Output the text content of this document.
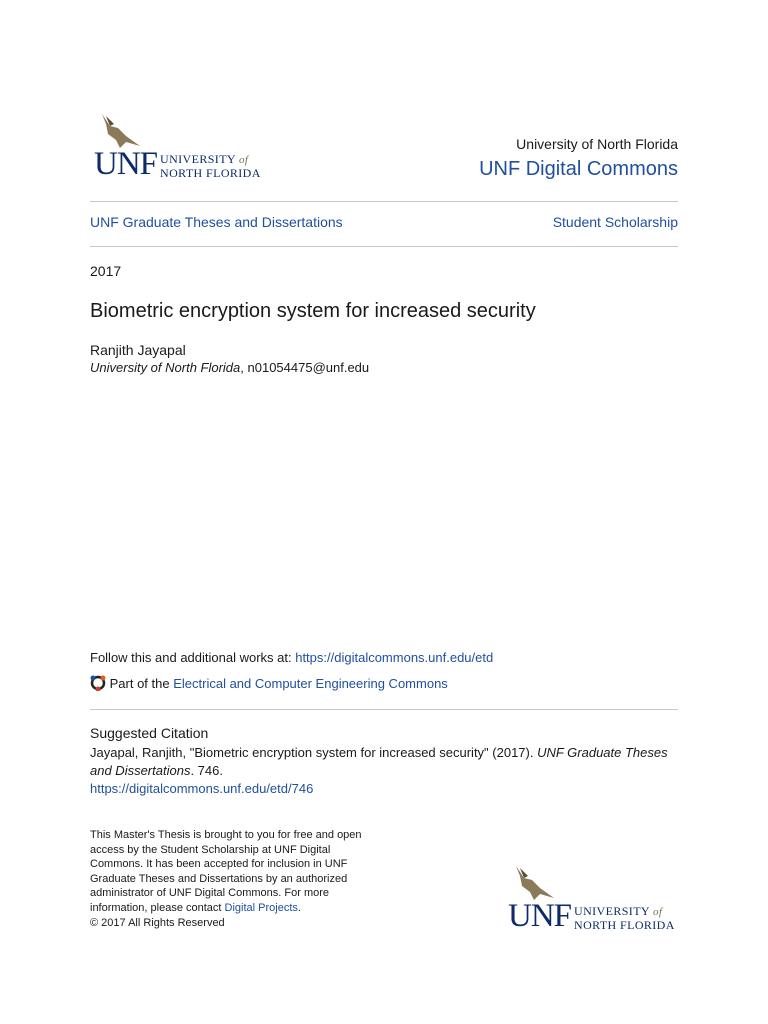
UNF UNIVERSITY of
NORTH FLORIDA
University of North Florida
UNF Digital Commons
UNF Graduate Theses and Dissertations	Student Scholarship
2017
Biometric encryption system for increased security
Ranjith Jayapal
University of North Florida, n01054475@unf.edu
Follow this and additional works at: https://digitalcommons.unf.edu/etd
Part of the Electrical and Computer Engineering Commons
Suggested Citation
Jayapal, Ranjith, "Biometric encryption system for increased security" (2017). UNF Graduate Theses and Dissertations. 746.
https://digitalcommons.unf.edu/etd/746
This Master's Thesis is brought to you for free and open access by the Student Scholarship at UNF Digital Commons. It has been accepted for inclusion in UNF Graduate Theses and Dissertations by an authorized administrator of UNF Digital Commons. For more information, please contact Digital Projects.
© 2017 All Rights Reserved	UNF UNIVERSITY of
NORTH FLORIDA
